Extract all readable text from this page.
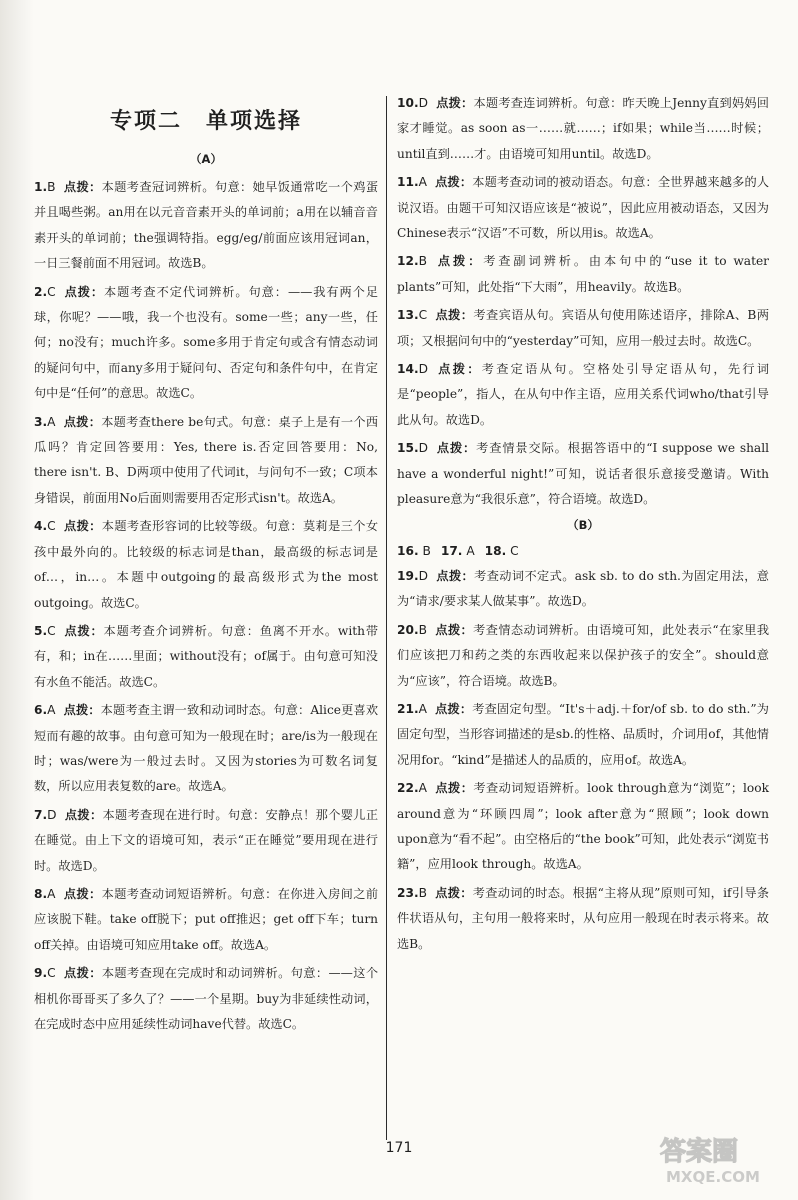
专项二　单项选择
（A）
1.B 点拨：本题考查冠词辨析。句意：她早饭通常吃一个鸡蛋并且喝些粥。an用在以元音音素开头的单词前；a用在以辅音音素开头的单词前；the强调特指。egg/eg/前面应该用冠词an，一日三餐前面不用冠词。故选B。
2.C 点拨：本题考查不定代词辨析。句意：——我有两个足球，你呢？——哦，我一个也没有。some一些；any一些，任何；no没有；much许多。some多用于肯定句或含有情态动词的疑问句中，而any多用于疑问句、否定句和条件句中，在肯定句中是“任何”的意思。故选C。
3.A 点拨：本题考查there be句式。句意：桌子上是有一个西瓜吗？肯定回答要用：Yes, there is.否定回答要用：No, there isn't. B、D两项中使用了代词it，与问句不一致；C项本身错误，前面用No后面则需要用否定形式isn't。故选A。
4.C 点拨：本题考查形容词的比较等级。句意：莫莉是三个女孩中最外向的。比较级的标志词是than，最高级的标志词是of…，in…。本题中outgoing的最高级形式为the most outgoing。故选C。
5.C 点拨：本题考查介词辨析。句意：鱼离不开水。with带有，和；in在……里面；without没有；of属于。由句意可知没有水鱼不能活。故选C。
6.A 点拨：本题考查主谓一致和动词时态。句意：Alice更喜欢短而有趣的故事。由句意可知为一般现在时；are/is为一般现在时；was/were为一般过去时。又因为stories为可数名词复数，所以应用表复数的are。故选A。
7.D 点拨：本题考查现在进行时。句意：安静点！那个婴儿正在睡觉。由上下文的语境可知，表示“正在睡觉”要用现在进行时。故选D。
8.A 点拨：本题考查动词短语辨析。句意：在你进入房间之前应该脱下鞋。take off脱下；put off推迟；get off下车；turn off关掉。由语境可知应用take off。故选A。
9.C 点拨：本题考查现在完成时和动词辨析。句意：——这个相机你哥哥买了多久了？——一个星期。buy为非延续性动词，在完成时态中应用延续性动词have代替。故选C。
10.D 点拨：本题考查连词辨析。句意：昨天晚上Jenny直到妈妈回家才睡觉。as soon as一……就……；if如果；while当……时候；until直到……才。由语境可知用until。故选D。
11.A 点拨：本题考查动词的被动语态。句意：全世界越来越多的人说汉语。由题干可知汉语应该是“被说”，因此应用被动语态，又因为Chinese表示“汉语”不可数，所以用is。故选A。
12.B 点拨：考查副词辨析。由本句中的“use it to water plants”可知，此处指“下大雨”，用heavily。故选B。
13.C 点拨：考查宾语从句。宾语从句使用陈述语序，排除A、B两项；又根据问句中的“yesterday”可知，应用一般过去时。故选C。
14.D 点拨：考查定语从句。空格处引导定语从句，先行词是“people”，指人，在从句中作主语，应用关系代词who/that引导此从句。故选D。
15.D 点拨：考查情景交际。根据答语中的“I suppose we shall have a wonderful night!”可知，说话者很乐意接受邀请。With pleasure意为“我很乐意”，符合语境。故选D。
（B）
16. B 17. A 18. C
19.D 点拨：考查动词不定式。ask sb. to do sth.为固定用法，意为“请求/要求某人做某事”。故选D。
20.B 点拨：考查情态动词辨析。由语境可知，此处表示“在家里我们应该把刀和药之类的东西收起来以保护孩子的安全”。should意为“应该”，符合语境。故选B。
21.A 点拨：考查固定句型。“It's＋adj.＋for/of sb. to do sth.”为固定句型，当形容词描述的是sb.的性格、品质时，介词用of，其他情况用for。“kind”是描述人的品质的，应用of。故选A。
22.A 点拨：考查动词短语辨析。look through意为“浏览”；look around意为“环顾四周”；look after意为“照顾”；look down upon意为“看不起”。由空格后的“the book”可知，此处表示“浏览书籍”，应用look through。故选A。
23.B 点拨：考查动词的时态。根据“主将从现”原则可知，if引导条件状语从句，主句用一般将来时，从句应用一般现在时表示将来。故选B。
171	答案圈
MXQE.COM
